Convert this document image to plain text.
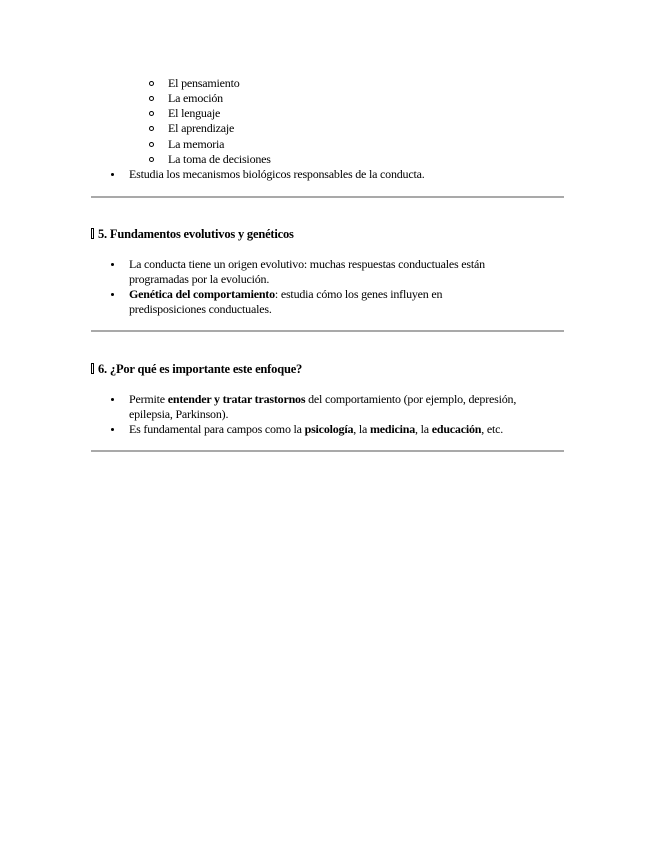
El pensamiento
La emoción
El lenguaje
El aprendizaje
La memoria
La toma de decisiones
Estudia los mecanismos biológicos responsables de la conducta.
5. Fundamentos evolutivos y genéticos
La conducta tiene un origen evolutivo: muchas respuestas conductuales están
programadas por la evolución.
Genética del comportamiento: estudia cómo los genes influyen en
predisposiciones conductuales.
6. ¿Por qué es importante este enfoque?
Permite entender y tratar trastornos del comportamiento (por ejemplo, depresión,
epilepsia, Parkinson).
Es fundamental para campos como la psicología, la medicina, la educación, etc.
